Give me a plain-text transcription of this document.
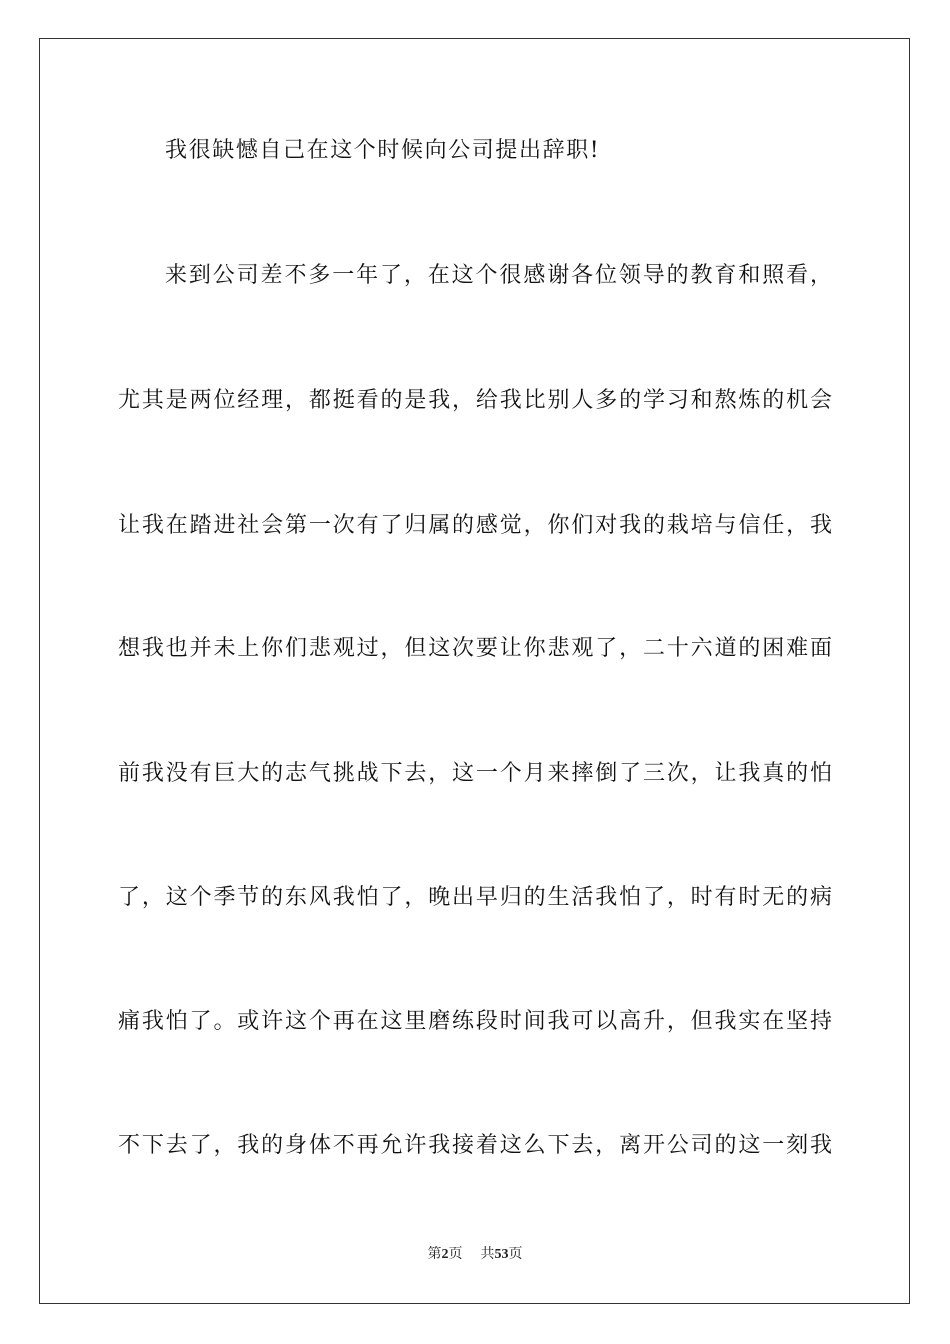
我很缺憾自己在这个时候向公司提出辞职!
来到公司差不多一年了，在这个很感谢各位领导的教育和照看，
尤其是两位经理，都挺看的是我，给我比别人多的学习和熬炼的机会
让我在踏进社会第一次有了归属的感觉，你们对我的栽培与信任，我
想我也并未上你们悲观过，但这次要让你悲观了，二十六道的困难面
前我没有巨大的志气挑战下去，这一个月来摔倒了三次，让我真的怕
了，这个季节的东风我怕了，晚出早归的生活我怕了，时有时无的病
痛我怕了。或许这个再在这里磨练段时间我可以高升，但我实在坚持
不下去了，我的身体不再允许我接着这么下去，离开公司的这一刻我
第2页 共53页
